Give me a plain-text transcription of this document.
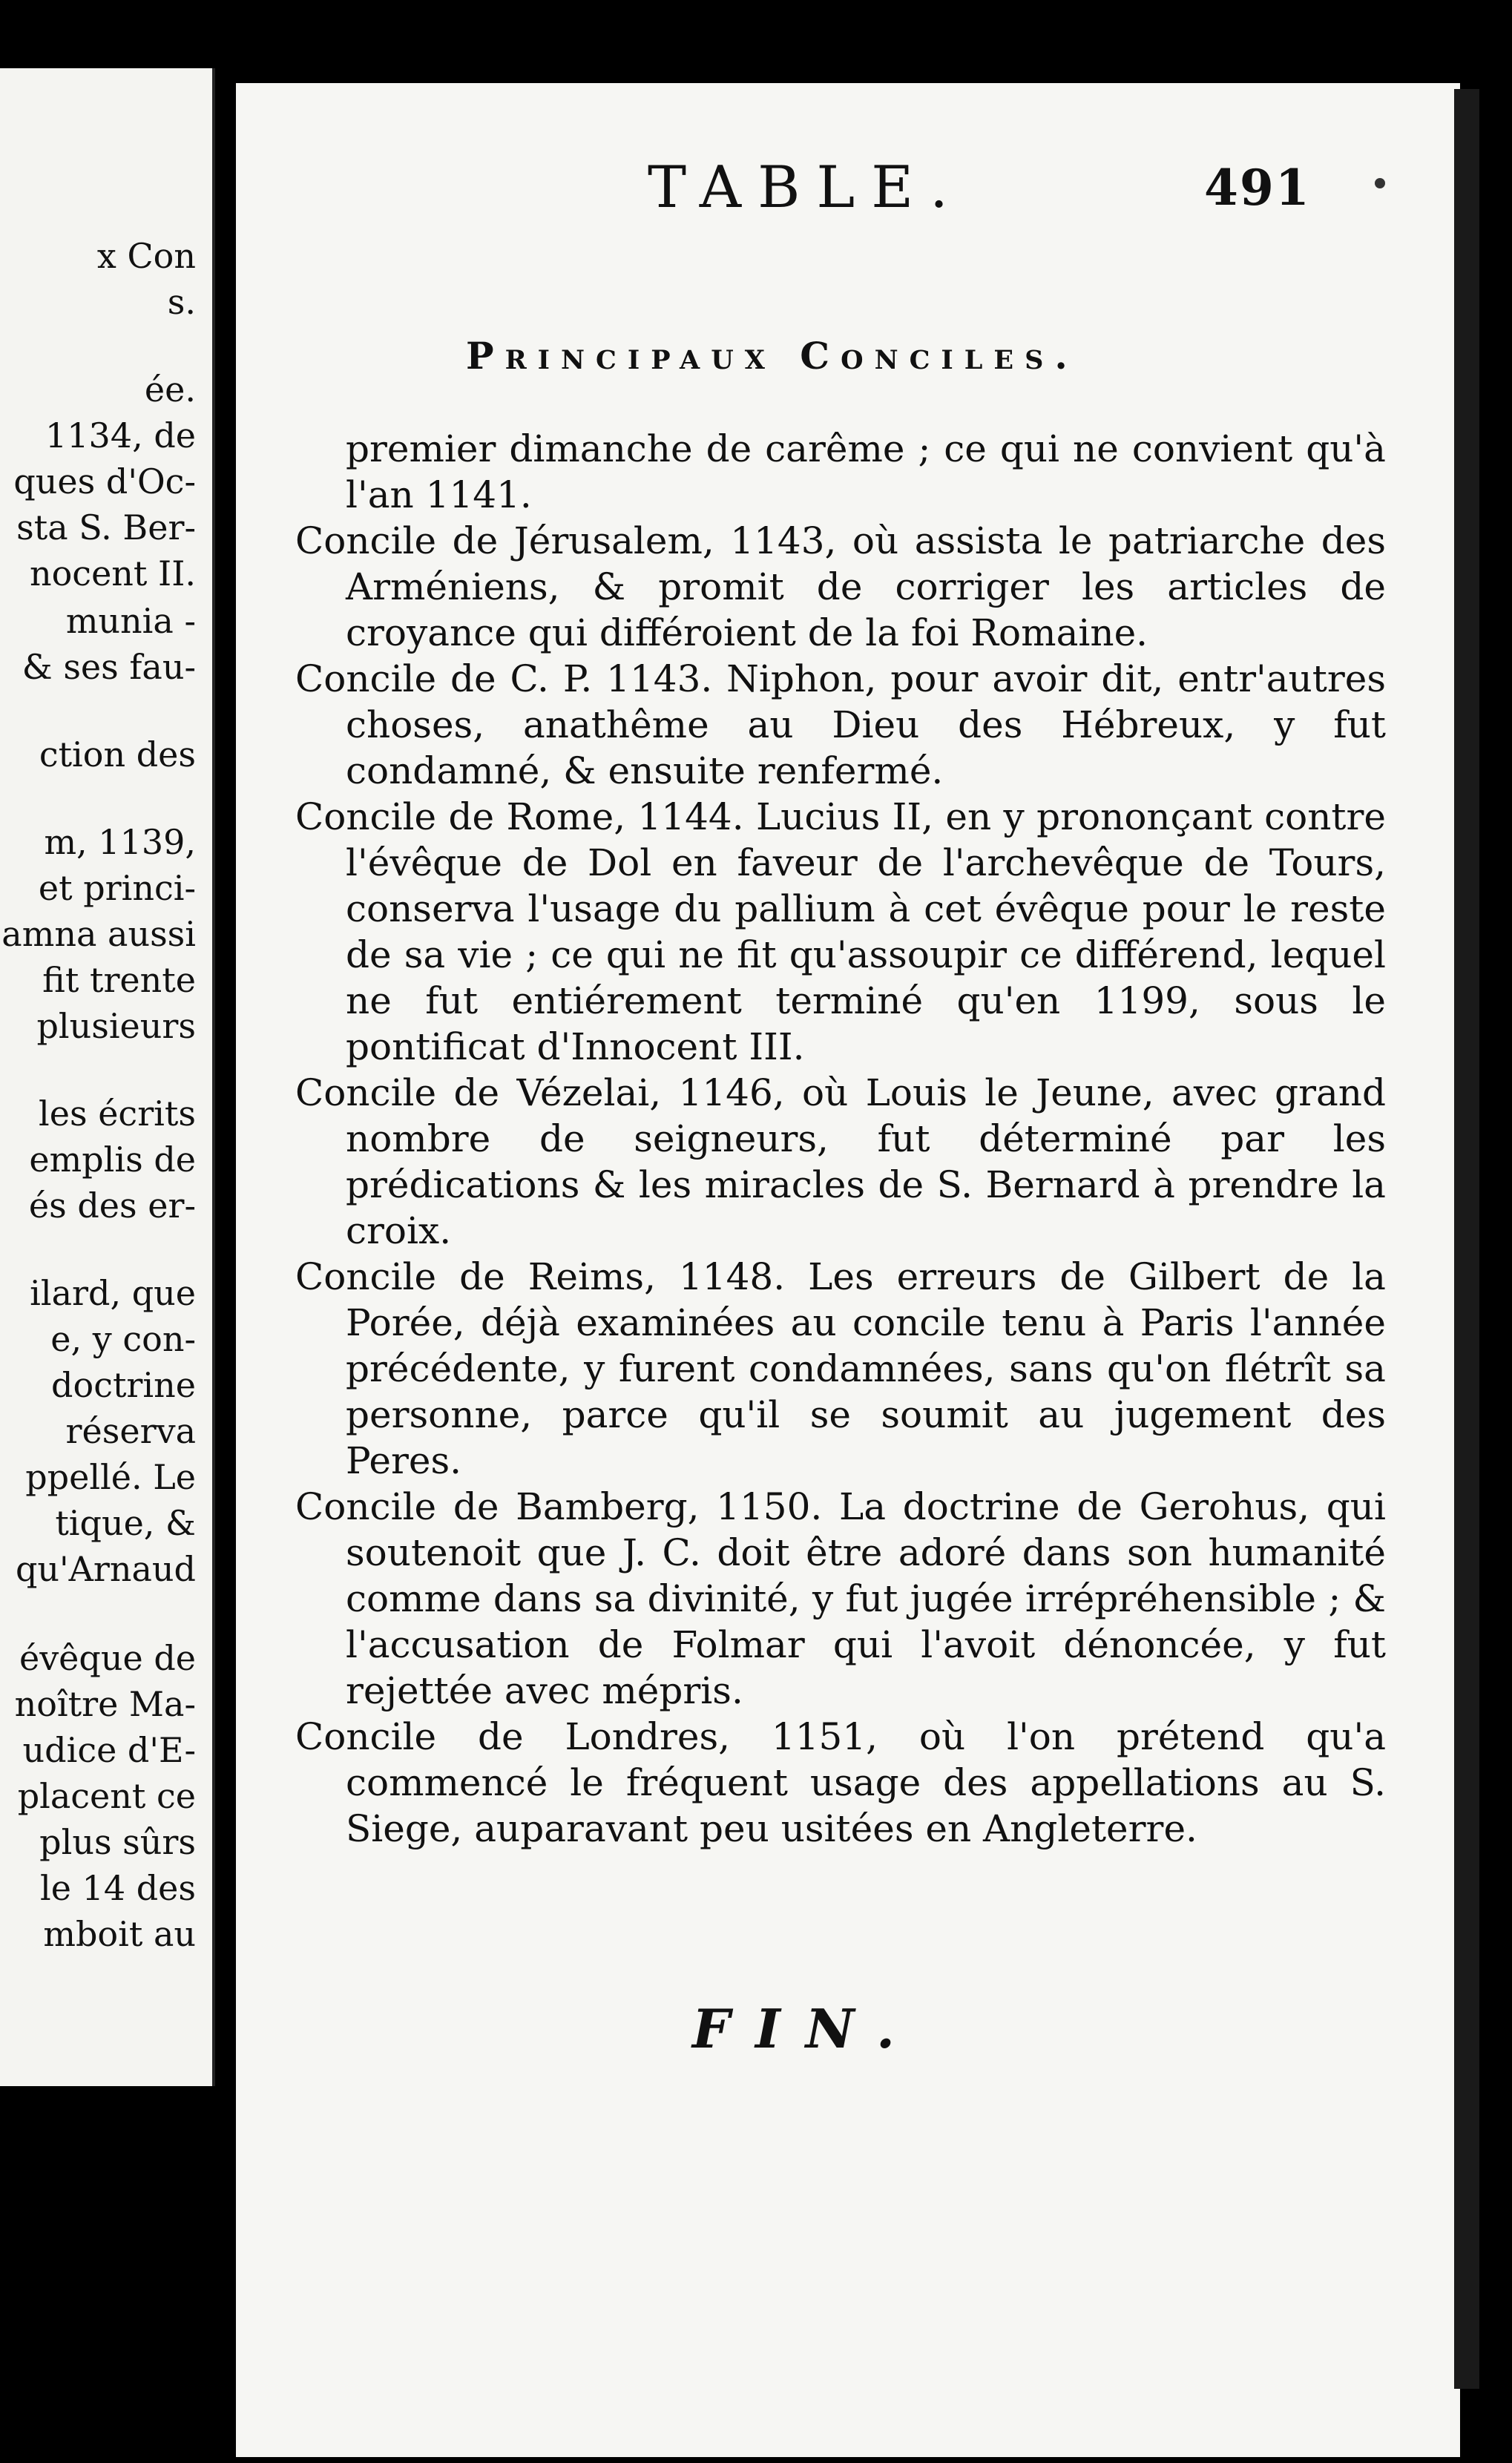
x Con
s.
ée.
1134, de
ques d'Oc-
sta S. Ber-
nocent II.
munia -
& ses fau-
ction des
m, 1139,
et princi-
amna aussi
fit trente
plusieurs
les écrits
emplis de
és des er-
ilard, que
e, y con-
doctrine
réserva
ppellé. Le
tique, &
qu'Arnaud
évêque de
noître Ma-
udice d'E-
placent ce
plus sûrs
le 14 des
mboit au
TABLE.	491
Principaux Conciles.

premier dimanche de carême ; ce qui ne convient qu'à l'an 1141.

Concile de Jérusalem, 1143, où assista le patriarche des Arméniens, & promit de corriger les articles de croyance qui différoient de la foi Romaine.

Concile de C. P. 1143. Niphon, pour avoir dit, entr'autres choses, anathême au Dieu des Hébreux, y fut condamné, & ensuite renfermé.

Concile de Rome, 1144. Lucius II, en y prononçant contre l'évêque de Dol en faveur de l'archevêque de Tours, conserva l'usage du pallium à cet évêque pour le reste de sa vie ; ce qui ne fit qu'assoupir ce différend, lequel ne fut entiérement terminé qu'en 1199, sous le pontificat d'Innocent III.

Concile de Vézelai, 1146, où Louis le Jeune, avec grand nombre de seigneurs, fut déterminé par les prédications & les miracles de S. Bernard à prendre la croix.

Concile de Reims, 1148. Les erreurs de Gilbert de la Porée, déjà examinées au concile tenu à Paris l'année précédente, y furent condamnées, sans qu'on flétrît sa personne, parce qu'il se soumit au jugement des Peres.

Concile de Bamberg, 1150. La doctrine de Gerohus, qui soutenoit que J. C. doit être adoré dans son humanité comme dans sa divinité, y fut jugée irrépréhensible ; & l'accusation de Folmar qui l'avoit dénoncée, y fut rejettée avec mépris.

Concile de Londres, 1151, où l'on prétend qu'a commencé le fréquent usage des appellations au S. Siege, auparavant peu usitées en Angleterre.

FIN.
